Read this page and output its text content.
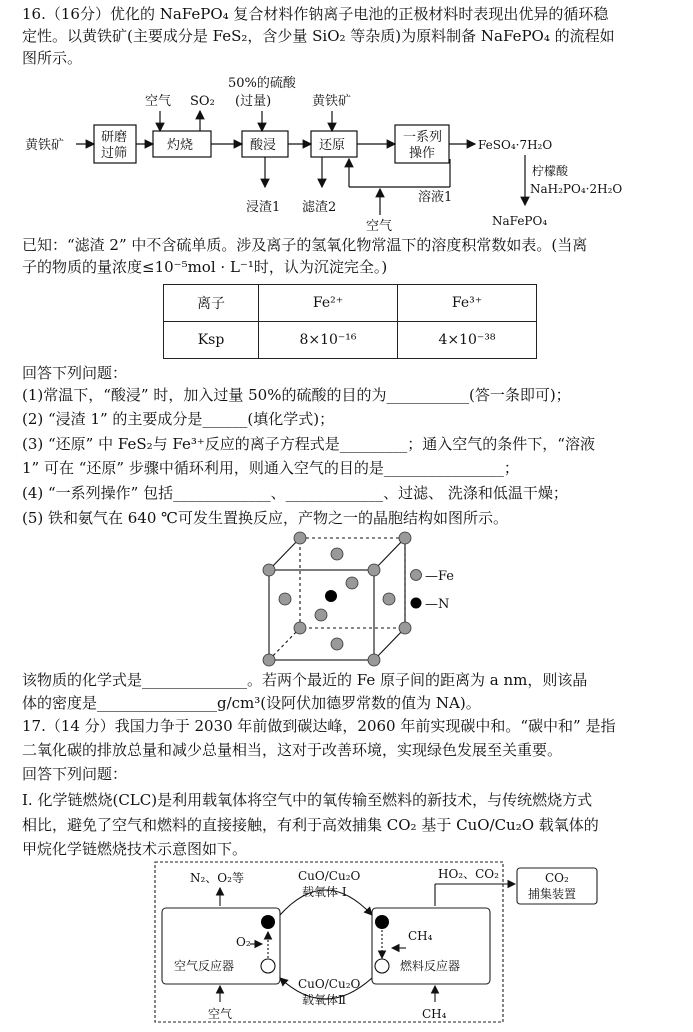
16.（16分）优化的 NaFePO₄ 复合材料作钠离子电池的正极材料时表现出优异的循环稳
定性。以黄铁矿(主要成分是 FeS₂，含少量 SiO₂ 等杂质)为原料制备 NaFePO₄ 的流程如
图所示。
黄铁矿
研磨
过筛
空气 SO₂
灼烧
50%的硫酸
(过量)
酸浸
浸渣1
黄铁矿
还原
滤渣2
空气
溶液1
一系列
操作
FeSO₄·7H₂O
柠檬酸
NaH₂PO₄·2H₂O
NaFePO₄
已知：“滤渣 2” 中不含硫单质。涉及离子的氢氧化物常温下的溶度积常数如表。(当离
子的物质的量浓度≤10⁻⁵mol · L⁻¹时，认为沉淀完全。)
离子	Fe²⁺	Fe³⁺
Ksp	8×10⁻¹⁶	4×10⁻³⁸
回答下列问题：
(1)常温下，“酸浸” 时，加入过量 50%的硫酸的目的为___________(答一条即可)；
(2) “浸渣 1” 的主要成分是______(填化学式)；
(3) “还原” 中 FeS₂与 Fe³⁺反应的离子方程式是_________；通入空气的条件下，“溶液
1” 可在 “还原” 步骤中循环利用，则通入空气的目的是________________；
(4) “一系列操作” 包括_____________、_____________、过滤、 洗涤和低温干燥；
(5) 铁和氨气在 640 ℃可发生置换反应，产物之一的晶胞结构如图所示。
—Fe
—N
该物质的化学式是______________。若两个最近的 Fe 原子间的距离为 a nm，则该晶
体的密度是________________g/cm³(设阿伏加德罗常数的值为 NA)。
17.（14 分）我国力争于 2030 年前做到碳达峰，2060 年前实现碳中和。“碳中和” 是指
二氧化碳的排放总量和减少总量相当，这对于改善环境，实现绿色发展至关重要。
回答下列问题：
I. 化学链燃烧(CLC)是利用载氧体将空气中的氧传输至燃料的新技术，与传统燃烧方式
相比，避免了空气和燃料的直接接触，有利于高效捕集 CO₂ 基于 CuO/Cu₂O 载氧体的
甲烷化学链燃烧技术示意图如下。
N₂、O₂等	CuO/Cu₂O
载氧体 Ⅰ
HO₂、CO₂	CO₂
捕集装置
O₂
空气反应器
CH₄
燃料反应器
CuO/Cu₂O
载氧体Ⅱ
空气	CH₄
